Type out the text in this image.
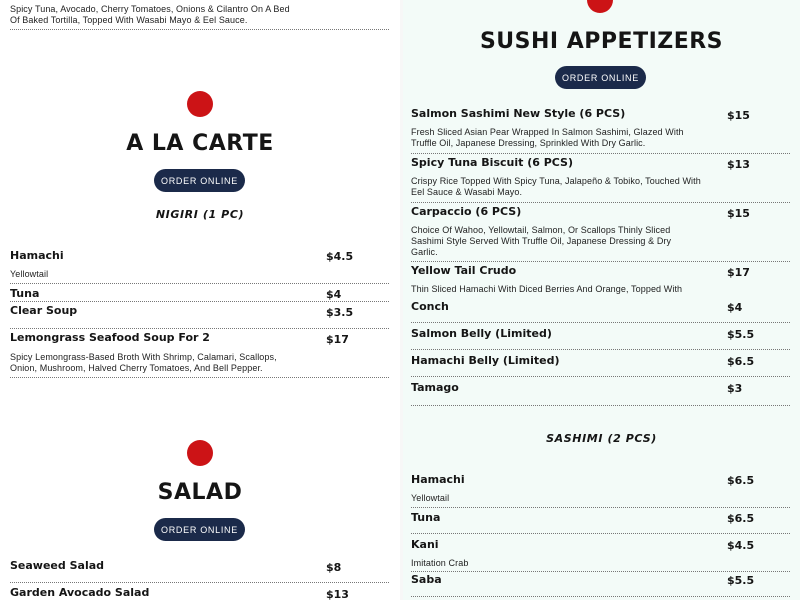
Spicy Tuna, Avocado, Cherry Tomatoes, Onions & Cilantro On A Bed Of Baked Tortilla, Topped With Wasabi Mayo & Eel Sauce.
A LA CARTE
ORDER ONLINE
NIGIRI (1 PC)
Hamachi	$4.5
Yellowtail
Tuna	$4
Clear Soup	$3.5
Lemongrass Seafood Soup For 2	$17
Spicy Lemongrass-Based Broth With Shrimp, Calamari, Scallops, Onion, Mushroom, Halved Cherry Tomatoes, And Bell Pepper.
SALAD
ORDER ONLINE
Seaweed Salad	$8
Garden Avocado Salad	$13
SUSHI APPETIZERS
ORDER ONLINE
Salmon Sashimi New Style (6 PCS)	$15
Fresh Sliced Asian Pear Wrapped In Salmon Sashimi, Glazed With Truffle Oil, Japanese Dressing, Sprinkled With Dry Garlic.
Spicy Tuna Biscuit (6 PCS)	$13
Crispy Rice Topped With Spicy Tuna, Jalapeño & Tobiko, Touched With Eel Sauce & Wasabi Mayo.
Carpaccio (6 PCS)	$15
Choice Of Wahoo, Yellowtail, Salmon, Or Scallops Thinly Sliced Sashimi Style Served With Truffle Oil, Japanese Dressing & Dry Garlic.
Yellow Tail Crudo	$17
Thin Sliced Hamachi With Diced Berries And Orange, Topped With
Conch	$4
Salmon Belly (Limited)	$5.5
Hamachi Belly (Limited)	$6.5
Tamago	$3
SASHIMI (2 PCS)
Hamachi	$6.5
Yellowtail
Tuna	$6.5
Kani	$4.5
Imitation Crab
Saba	$5.5
